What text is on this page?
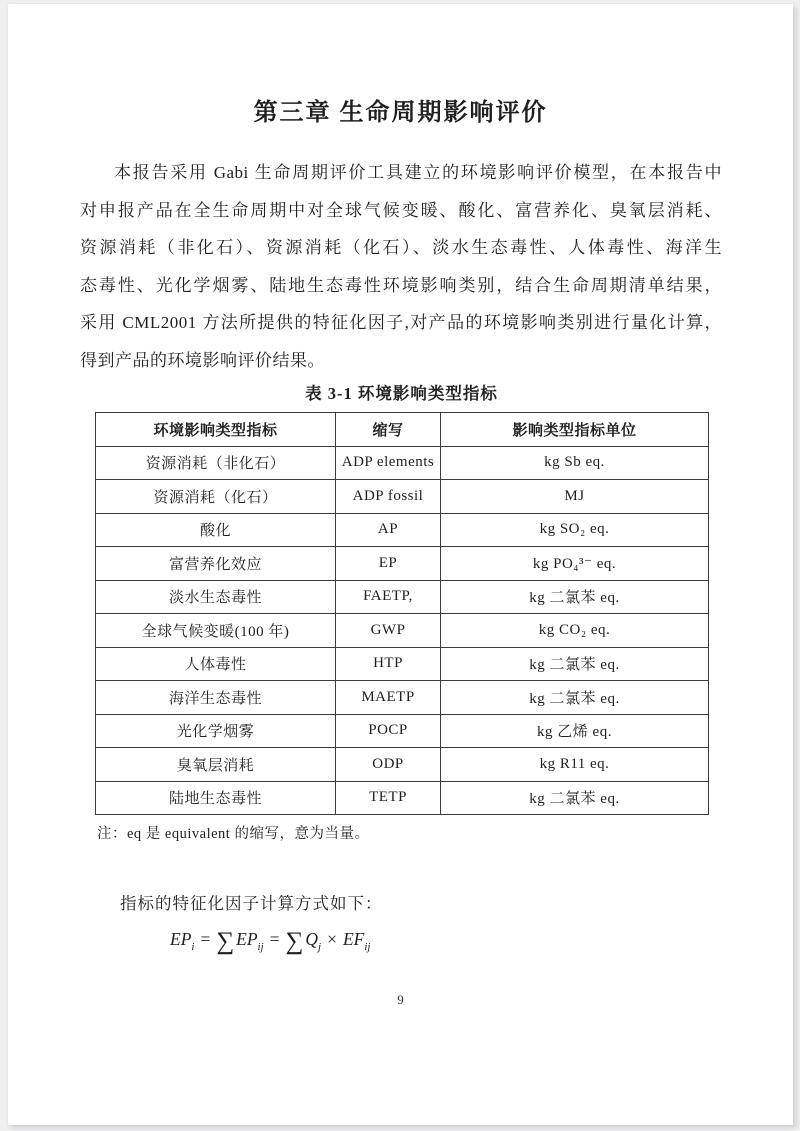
第三章 生命周期影响评价
本报告采用 Gabi 生命周期评价工具建立的环境影响评价模型，在本报告中
对申报产品在全生命周期中对全球气候变暖、酸化、富营养化、臭氧层消耗、
资源消耗（非化石）、资源消耗（化石）、淡水生态毒性、人体毒性、海洋生
态毒性、光化学烟雾、陆地生态毒性环境影响类别，结合生命周期清单结果，
采用 CML2001 方法所提供的特征化因子,对产品的环境影响类别进行量化计算，
得到产品的环境影响评价结果。
表 3-1 环境影响类型指标
环境影响类型指标	缩写	影响类型指标单位
资源消耗（非化石）	ADP elements	kg Sb eq.
资源消耗（化石）	ADP fossil	MJ
酸化	AP	kg SO₂ eq.
富营养化效应	EP	kg PO₄³⁻ eq.
淡水生态毒性	FAETP,	kg 二氯苯 eq.
全球气候变暖(100 年)	GWP	kg CO₂ eq.
人体毒性	HTP	kg 二氯苯 eq.
海洋生态毒性	MAETP	kg 二氯苯 eq.
光化学烟雾	POCP	kg 乙烯 eq.
臭氧层消耗	ODP	kg R11 eq.
陆地生态毒性	TETP	kg 二氯苯 eq.
注：eq 是 equivalent 的缩写，意为当量。
指标的特征化因子计算方式如下：
$EP_i$ = ∑ $EP_{ij}$ = ∑ $Q_j \times EF_{ij}$
9
